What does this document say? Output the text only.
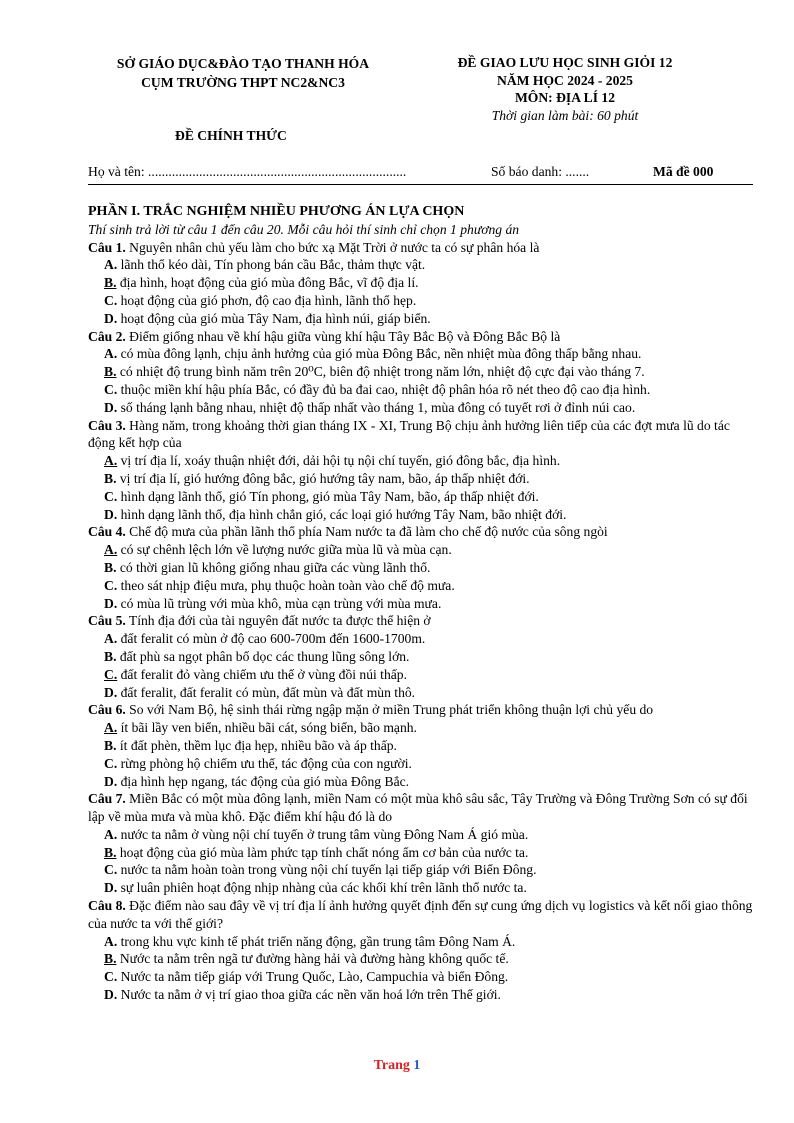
SỞ GIÁO DỤC&ĐÀO TẠO THANH HÓA
CỤM TRƯỜNG THPT NC2&NC3
ĐỀ GIAO LƯU HỌC SINH GIỎI 12
NĂM HỌC 2024 - 2025
MÔN: ĐỊA LÍ 12
Thời gian làm bài: 60 phút
ĐỀ CHÍNH THỨC
Họ và tên: ............................................................................	Số báo danh: .......	Mã đề 000
PHẦN I. TRẮC NGHIỆM NHIỀU PHƯƠNG ÁN LỰA CHỌN
Thí sinh trả lời từ câu 1 đến câu 20. Mỗi câu hỏi thí sinh chỉ chọn 1 phương án
Câu 1. Nguyên nhân chủ yếu làm cho bức xạ Mặt Trời ở nước ta có sự phân hóa là
A. lãnh thổ kéo dài, Tín phong bán cầu Bắc, thảm thực vật.
B. địa hình, hoạt động của gió mùa đông Bắc, vĩ độ địa lí.
C. hoạt động của gió phơn, độ cao địa hình, lãnh thổ hẹp.
D. hoạt động của gió mùa Tây Nam, địa hình núi, giáp biển.
Câu 2. Điểm giống nhau về khí hậu giữa vùng khí hậu Tây Bắc Bộ và Đông Bắc Bộ là
A. có mùa đông lạnh, chịu ảnh hưởng của gió mùa Đông Bắc, nền nhiệt mùa đông thấp bằng nhau.
B. có nhiệt độ trung bình năm trên 20⁰C, biên độ nhiệt trong năm lớn, nhiệt độ cực đại vào tháng 7.
C. thuộc miền khí hậu phía Bắc, có đầy đủ ba đai cao, nhiệt độ phân hóa rõ nét theo độ cao địa hình.
D. số tháng lạnh bằng nhau, nhiệt độ thấp nhất vào tháng 1, mùa đông có tuyết rơi ở đỉnh núi cao.
Câu 3. Hàng năm, trong khoảng thời gian tháng IX - XI, Trung Bộ chịu ảnh hưởng liên tiếp của các đợt mưa lũ do tác động kết hợp của
A. vị trí địa lí, xoáy thuận nhiệt đới, dải hội tụ nội chí tuyến, gió đông bắc, địa hình.
B. vị trí địa lí, gió hướng đông bắc, gió hướng tây nam, bão, áp thấp nhiệt đới.
C. hình dạng lãnh thổ, gió Tín phong, gió mùa Tây Nam, bão, áp thấp nhiệt đới.
D. hình dạng lãnh thổ, địa hình chắn gió, các loại gió hướng Tây Nam, bão nhiệt đới.
Câu 4. Chế độ mưa của phần lãnh thổ phía Nam nước ta đã làm cho chế độ nước của sông ngòi
A. có sự chênh lệch lớn về lượng nước giữa mùa lũ và mùa cạn.
B. có thời gian lũ không giống nhau giữa các vùng lãnh thổ.
C. theo sát nhịp điệu mưa, phụ thuộc hoàn toàn vào chế độ mưa.
D. có mùa lũ trùng với mùa khô, mùa cạn trùng với mùa mưa.
Câu 5. Tính địa đới của tài nguyên đất nước ta được thể hiện ở
A. đất feralit có mùn ở độ cao 600-700m đến 1600-1700m.
B. đất phù sa ngọt phân bố dọc các thung lũng sông lớn.
C. đất feralit đỏ vàng chiếm ưu thế ở vùng đồi núi thấp.
D. đất feralit, đất feralit có mùn, đất mùn và đất mùn thô.
Câu 6. So với Nam Bộ, hệ sinh thái rừng ngập mặn ở miền Trung phát triển không thuận lợi chủ yếu do
A. ít bãi lầy ven biển, nhiều bãi cát, sóng biển, bão mạnh.
B. ít đất phèn, thềm lục địa hẹp, nhiều bão và áp thấp.
C. rừng phòng hộ chiếm ưu thế, tác động của con người.
D. địa hình hẹp ngang, tác động của gió mùa Đông Bắc.
Câu 7. Miền Bắc có một mùa đông lạnh, miền Nam có một mùa khô sâu sắc, Tây Trường và Đông Trường Sơn có sự đối lập về mùa mưa và mùa khô. Đặc điểm khí hậu đó là do
A. nước ta nằm ở vùng nội chí tuyến ở trung tâm vùng Đông Nam Á gió mùa.
B. hoạt động của gió mùa làm phức tạp tính chất nóng ẩm cơ bản của nước ta.
C. nước ta nằm hoàn toàn trong vùng nội chí tuyến lại tiếp giáp với Biển Đông.
D. sự luân phiên hoạt động nhịp nhàng của các khối khí trên lãnh thổ nước ta.
Câu 8. Đặc điểm nào sau đây về vị trí địa lí ảnh hưởng quyết định đến sự cung ứng dịch vụ logistics và kết nối giao thông của nước ta với thế giới?
A. trong khu vực kinh tế phát triển năng động, gần trung tâm Đông Nam Á.
B. Nước ta nằm trên ngã tư đường hàng hải và đường hàng không quốc tế.
C. Nước ta nằm tiếp giáp với Trung Quốc, Lào, Campuchia và biển Đông.
D. Nước ta nằm ở vị trí giao thoa giữa các nền văn hoá lớn trên Thế giới.
Trang 1
